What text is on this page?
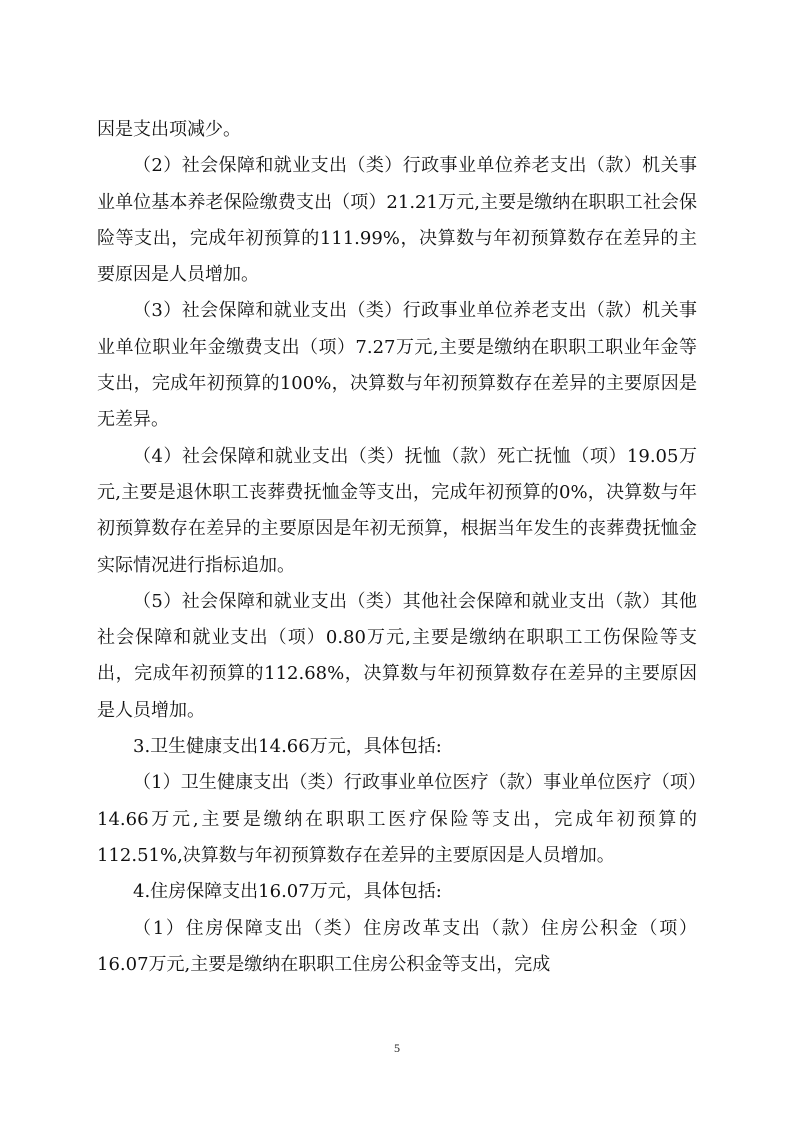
因是支出项减少。

（2）社会保障和就业支出（类）行政事业单位养老支出（款）机关事业单位基本养老保险缴费支出（项）21.21万元,主要是缴纳在职职工社会保险等支出，完成年初预算的111.99%，决算数与年初预算数存在差异的主要原因是人员增加。

（3）社会保障和就业支出（类）行政事业单位养老支出（款）机关事业单位职业年金缴费支出（项）7.27万元,主要是缴纳在职职工职业年金等支出，完成年初预算的100%，决算数与年初预算数存在差异的主要原因是无差异。

（4）社会保障和就业支出（类）抚恤（款）死亡抚恤（项）19.05万元,主要是退休职工丧葬费抚恤金等支出，完成年初预算的0%，决算数与年初预算数存在差异的主要原因是年初无预算，根据当年发生的丧葬费抚恤金实际情况进行指标追加。

（5）社会保障和就业支出（类）其他社会保障和就业支出（款）其他社会保障和就业支出（项）0.80万元,主要是缴纳在职职工工伤保险等支出，完成年初预算的112.68%，决算数与年初预算数存在差异的主要原因是人员增加。

3.卫生健康支出14.66万元，具体包括:

（1）卫生健康支出（类）行政事业单位医疗（款）事业单位医疗（项）14.66万元,主要是缴纳在职职工医疗保险等支出，完成年初预算的112.51%,决算数与年初预算数存在差异的主要原因是人员增加。

4.住房保障支出16.07万元，具体包括:

（1）住房保障支出（类）住房改革支出（款）住房公积金（项）16.07万元,主要是缴纳在职职工住房公积金等支出，完成

5
